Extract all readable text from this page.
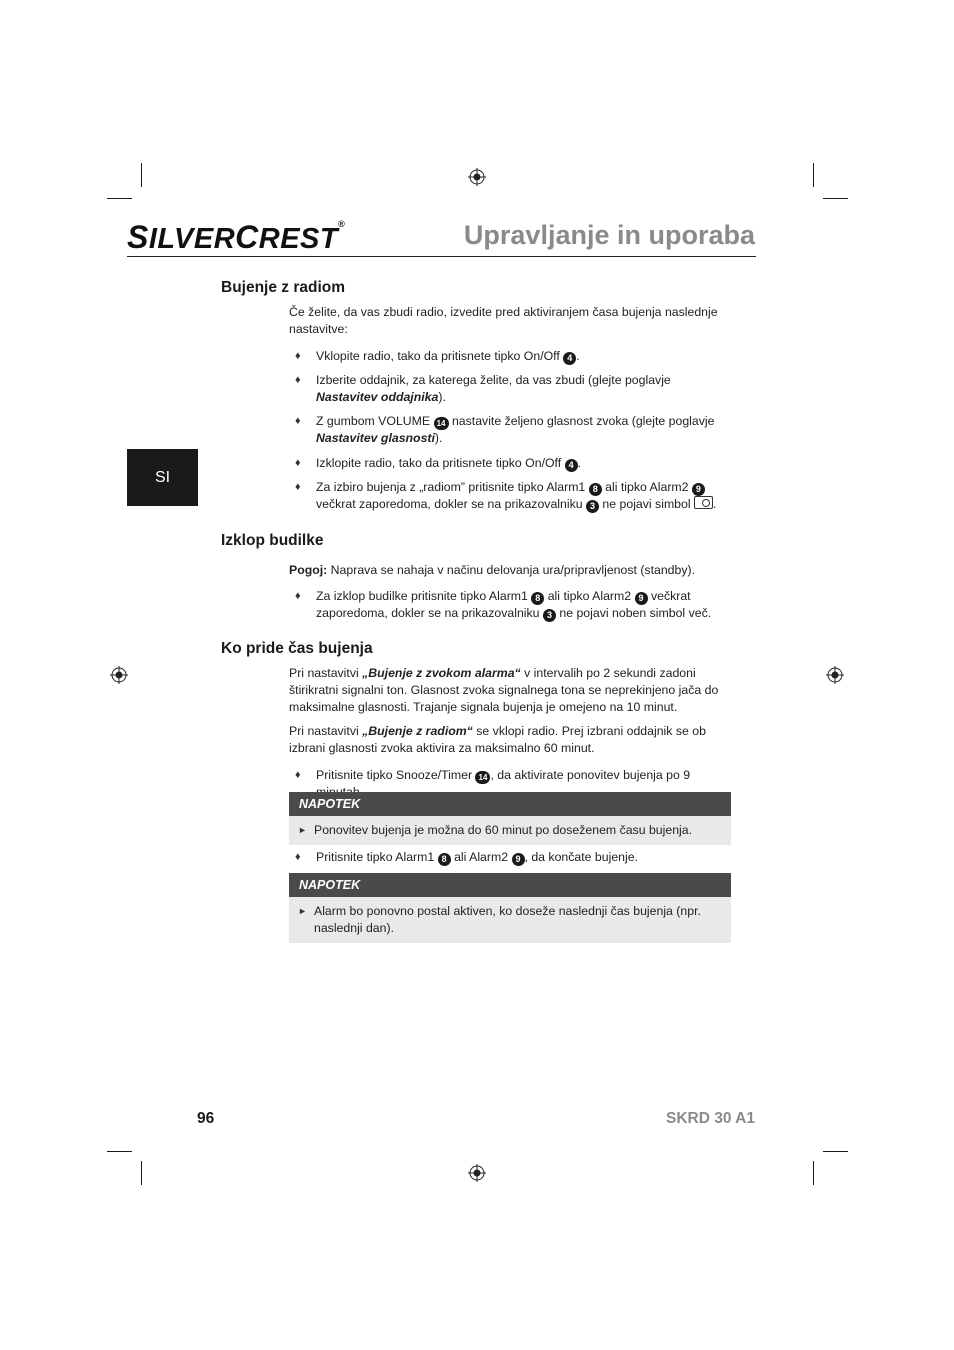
SILVERCREST®	Upravljanje in uporaba
SI
Bujenje z radiom

Če želite, da vas zbudi radio, izvedite pred aktiviranjem časa bujenja naslednje nastavitve:

♦ Vklopite radio, tako da pritisnete tipko On/Off 4 .
♦ Izberite oddajnik, za katerega želite, da vas zbudi (glejte poglavje
Nastavitev oddajnika).
♦ Z gumbom VOLUME 14 nastavite željeno glasnost zvoka (glejte poglavje
Nastavitev glasnosti).
♦ Izklopite radio, tako da pritisnete tipko On/Off 4 .
♦ Za izbiro bujenja z „radiom” pritisnite tipko Alarm1 8 ali tipko Alarm2 9
večkrat zaporedoma, dokler se na prikazovalniku 3 ne pojavi simbol .
Izklop budilke

Pogoj: Naprava se nahaja v načinu delovanja ura/pripravljenost (standby).

♦ Za izklop budilke pritisnite tipko Alarm1 8 ali tipko Alarm2 9 večkrat
zaporedoma, dokler se na prikazovalniku 3 ne pojavi noben simbol več.
Ko pride čas bujenja

Pri nastavitvi „Bujenje z zvokom alarma“ v intervalih po 2 sekundi zadoni štirikratni signalni ton. Glasnost zvoka signalnega tona se neprekinjeno jača do maksimalne glasnosti. Trajanje signala bujenja je omejeno na 10 minut.

Pri nastavitvi „Bujenje z radiom“ se vklopi radio. Prej izbrani oddajnik se ob izbrani glasnosti zvoka aktivira za maksimalno 60 minut.

♦ Pritisnite tipko Snooze/Timer 14 , da aktivirate ponovitev bujenja po 9
NAPOTEK
► Ponovitev bujenja je možna do 60 minut po doseženem času bujenja.
♦ Pritisnite tipko Alarm1 8 ali Alarm2 9 , da končate bujenje.
NAPOTEK
► Alarm bo ponovno postal aktiven, ko doseže naslednji čas bujenja (npr. naslednji dan).
96	SKRD 30 A1
